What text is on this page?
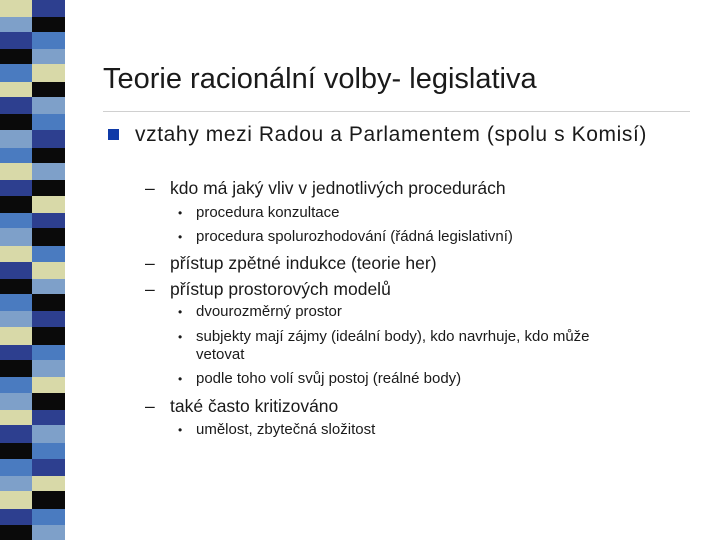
Teorie racionální volby- legislativa
vztahy mezi Radou a Parlamentem (spolu s Komisí)
– kdo má jaký vliv v jednotlivých procedurách
• procedura konzultace
• procedura spolurozhodování (řádná legislativní)
– přístup zpětné indukce (teorie her)
– přístup prostorových modelů
• dvourozměrný prostor
• subjekty mají zájmy (ideální body), kdo navrhuje, kdo může vetovat
• podle toho volí svůj postoj (reálné body)
– také často kritizováno
• umělost, zbytečná složitost
